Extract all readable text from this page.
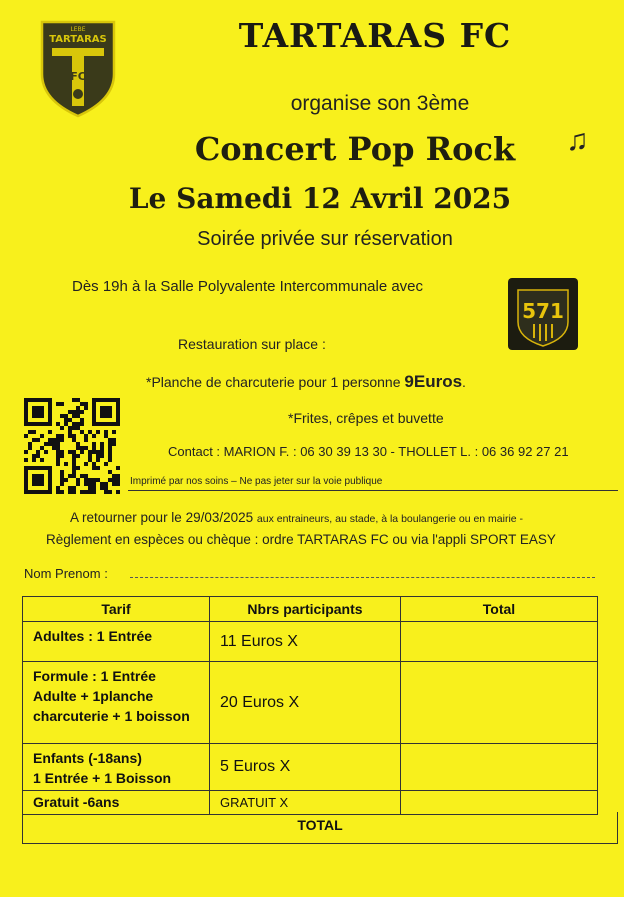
LEBE
TARTARAS
FC
TARTARAS FC
organise son 3ème
Concert Pop Rock	♫
Le Samedi 12 Avril 2025
Soirée privée sur réservation
Dès 19h à la Salle Polyvalente Intercommunale avec
571
Restauration sur place :
*Planche de charcuterie pour 1 personne 9Euros.
*Frites, crêpes et buvette
Contact : MARION F. : 06 30 39 13 30 - THOLLET L. : 06 36 92 27 21
Imprimé par nos soins – Ne pas jeter sur la voie publique
A retourner pour le 29/03/2025 aux entraineurs, au stade, à la boulangerie ou en mairie -
Règlement en espèces ou chèque : ordre TARTARAS FC ou via l'appli SPORT EASY
Nom Prenom :
Tarif	Nbrs participants	Total

Adultes : 1 Entrée	11 Euros X	

Formule : 1 Entrée
Adulte + 1planche
charcuterie + 1 boisson	20 Euros X	

Enfants (-18ans)
1 Entrée + 1 Boisson	5 Euros X	

Gratuit -6ans	GRATUIT X	
TOTAL
